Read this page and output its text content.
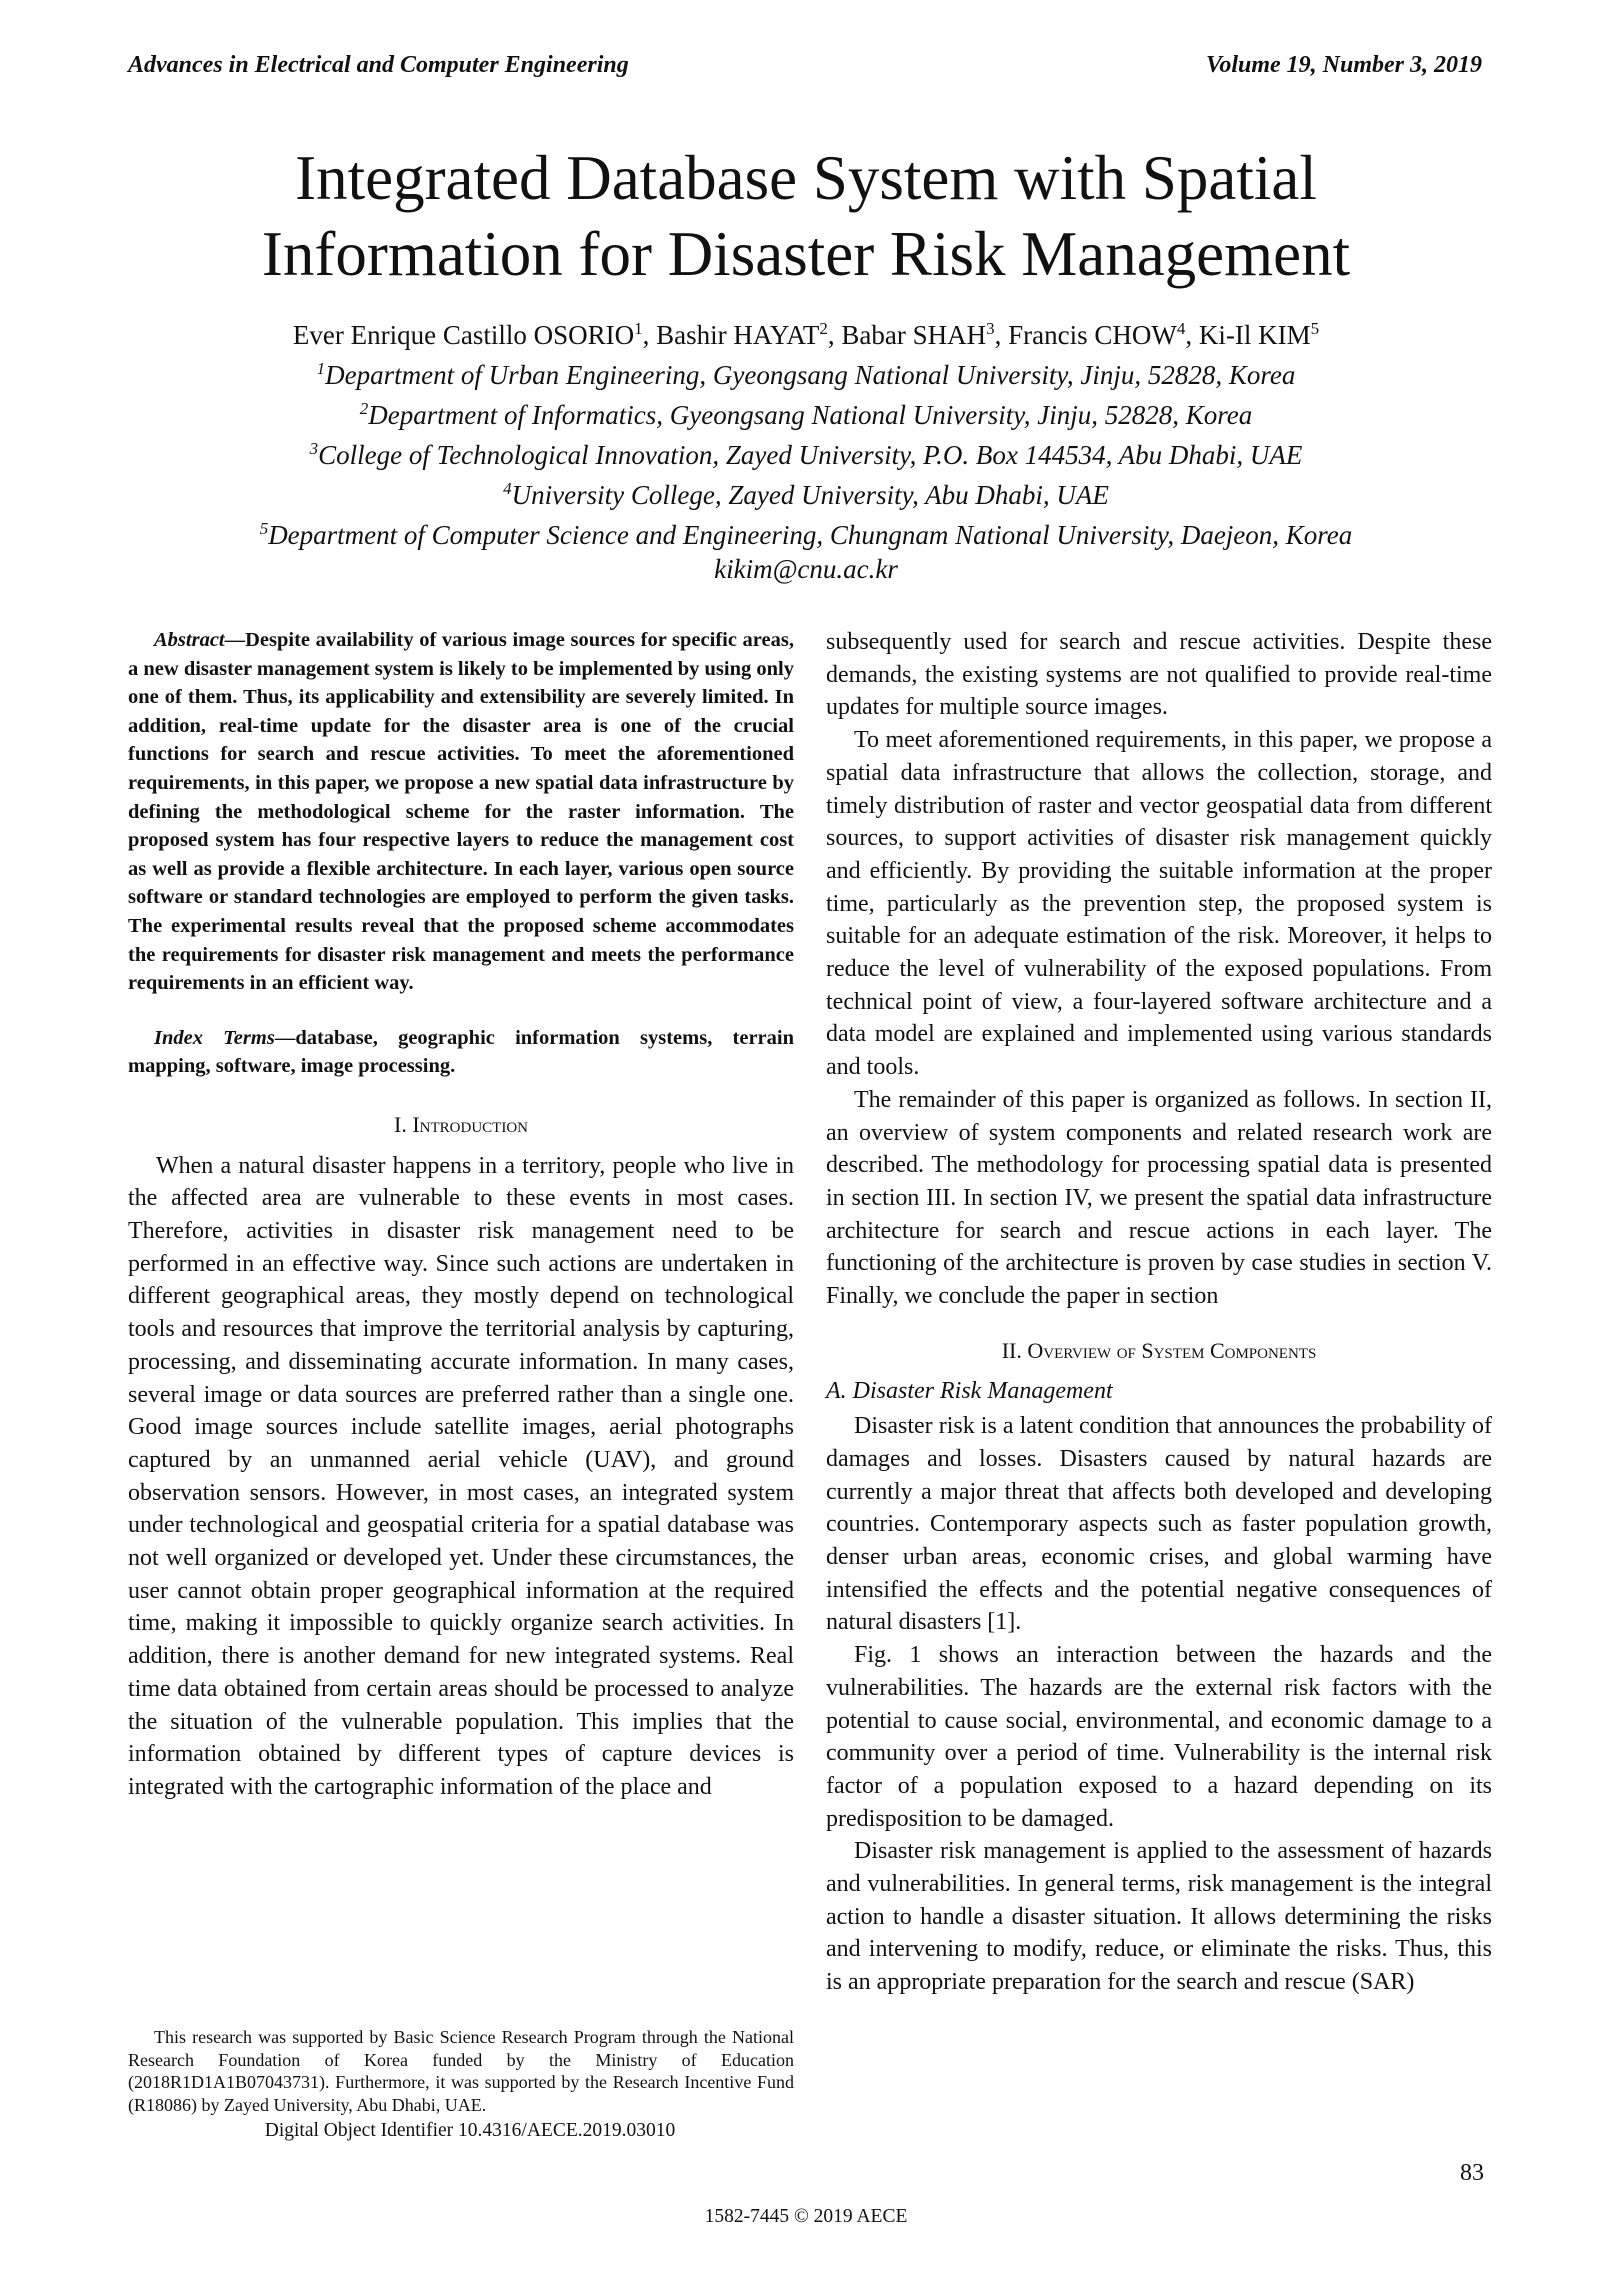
Advances in Electrical and Computer Engineering	Volume 19, Number 3, 2019
Integrated Database System with Spatial
Information for Disaster Risk Management
Ever Enrique Castillo OSORIO$^1$, Bashir HAYAT$^2$, Babar SHAH$^3$, Francis CHOW$^4$, Ki-Il KIM$^5$
$^1$Department of Urban Engineering, Gyeongsang National University, Jinju, 52828, Korea
$^2$Department of Informatics, Gyeongsang National University, Jinju, 52828, Korea
$^3$College of Technological Innovation, Zayed University, P.O. Box 144534, Abu Dhabi, UAE
$^4$University College, Zayed University, Abu Dhabi, UAE
$^5$Department of Computer Science and Engineering, Chungnam National University, Daejeon, Korea
kikim@cnu.ac.kr

Abstract—Despite availability of various image sources for specific areas, a new disaster management system is likely to be implemented by using only one of them. Thus, its applicability and extensibility are severely limited. In addition, real-time update for the disaster area is one of the crucial functions for search and rescue activities. To meet the aforementioned requirements, in this paper, we propose a new spatial data infrastructure by defining the methodological scheme for the raster information. The proposed system has four respective layers to reduce the management cost as well as provide a flexible architecture. In each layer, various open source software or standard technologies are employed to perform the given tasks. The experimental results reveal that the proposed scheme accommodates the requirements for disaster risk management and meets the performance requirements in an efficient way.

Index Terms—database, geographic information systems, terrain mapping, software, image processing.

I. Introduction

When a natural disaster happens in a territory, people who live in the affected area are vulnerable to these events in most cases. Therefore, activities in disaster risk management need to be performed in an effective way. Since such actions are undertaken in different geographical areas, they mostly depend on technological tools and resources that improve the territorial analysis by capturing, processing, and disseminating accurate information. In many cases, several image or data sources are preferred rather than a single one. Good image sources include satellite images, aerial photographs captured by an unmanned aerial vehicle (UAV), and ground observation sensors. However, in most cases, an integrated system under technological and geospatial criteria for a spatial database was not well organized or developed yet. Under these circumstances, the user cannot obtain proper geographical information at the required time, making it impossible to quickly organize search activities. In addition, there is another demand for new integrated systems. Real time data obtained from certain areas should be processed to analyze the situation of the vulnerable population. This implies that the information obtained by different types of capture devices is integrated with the cartographic information of the place and

subsequently used for search and rescue activities. Despite these demands, the existing systems are not qualified to provide real-time updates for multiple source images.

To meet aforementioned requirements, in this paper, we propose a spatial data infrastructure that allows the collection, storage, and timely distribution of raster and vector geospatial data from different sources, to support activities of disaster risk management quickly and efficiently. By providing the suitable information at the proper time, particularly as the prevention step, the proposed system is suitable for an adequate estimation of the risk. Moreover, it helps to reduce the level of vulnerability of the exposed populations. From technical point of view, a four-layered software architecture and a data model are explained and implemented using various standards and tools.

The remainder of this paper is organized as follows. In section II, an overview of system components and related research work are described. The methodology for processing spatial data is presented in section III. In section IV, we present the spatial data infrastructure architecture for search and rescue actions in each layer. The functioning of the architecture is proven by case studies in section V. Finally, we conclude the paper in section

II. Overview of System Components
A. Disaster Risk Management

Disaster risk is a latent condition that announces the probability of damages and losses. Disasters caused by natural hazards are currently a major threat that affects both developed and developing countries. Contemporary aspects such as faster population growth, denser urban areas, economic crises, and global warming have intensified the effects and the potential negative consequences of natural disasters [1].

Fig. 1 shows an interaction between the hazards and the vulnerabilities. The hazards are the external risk factors with the potential to cause social, environmental, and economic damage to a community over a period of time. Vulnerability is the internal risk factor of a population exposed to a hazard depending on its predisposition to be damaged.

Disaster risk management is applied to the assessment of hazards and vulnerabilities. In general terms, risk management is the integral action to handle a disaster situation. It allows determining the risks and intervening to modify, reduce, or eliminate the risks. Thus, this is an appropriate preparation for the search and rescue (SAR)

This research was supported by Basic Science Research Program through the National Research Foundation of Korea funded by the Ministry of Education (2018R1D1A1B07043731). Furthermore, it was supported by the Research Incentive Fund (R18086) by Zayed University, Abu Dhabi, UAE.
Digital Object Identifier 10.4316/AECE.2019.03010
83
1582-7445 © 2019 AECE
